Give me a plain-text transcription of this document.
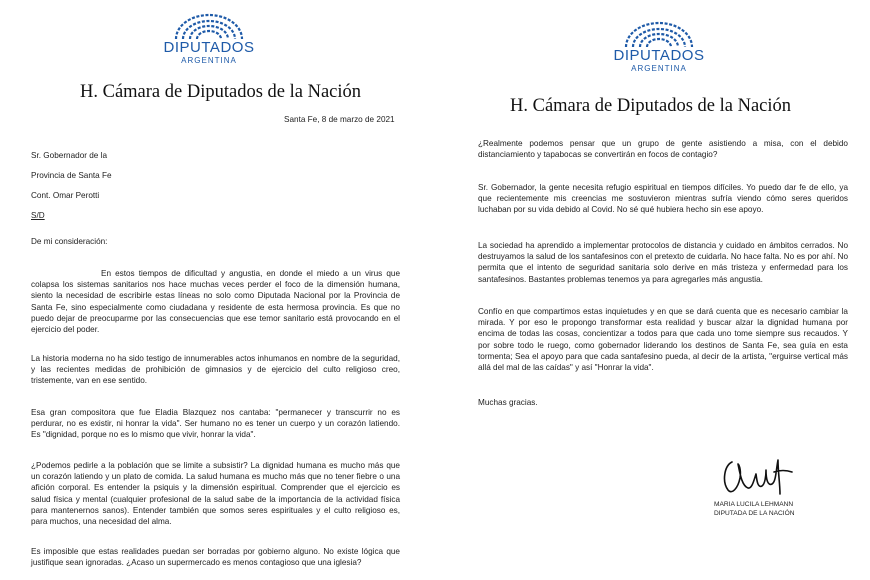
DIPUTADOS
ARGENTINA
H. Cámara de Diputados de la Nación
Santa Fe, 8 de marzo de 2021
Sr. Gobernador de la
Provincia de Santa Fe
Cont. Omar Perotti
S/D
De mi consideración:

En estos tiempos de dificultad y angustia, en donde el miedo a un virus que colapsa los sistemas sanitarios nos hace muchas veces perder el foco de la dimensión humana, siento la necesidad de escribirle estas líneas no solo como Diputada Nacional por la Provincia de Santa Fe, sino especialmente como ciudadana y residente de esta hermosa provincia. Es que no puedo dejar de preocuparme por las consecuencias que ese temor sanitario está provocando en el ejercicio del poder.

La historia moderna no ha sido testigo de innumerables actos inhumanos en nombre de la seguridad, y las recientes medidas de prohibición de gimnasios y de ejercicio del culto religioso creo, tristemente, van en ese sentido.

Esa gran compositora que fue Eladia Blazquez nos cantaba: "permanecer y transcurrir no es perdurar, no es existir, ni honrar la vida". Ser humano no es tener un cuerpo y un corazón latiendo. Es "dignidad, porque no es lo mismo que vivir, honrar la vida".

¿Podemos pedirle a la población que se limite a subsistir? La dignidad humana es mucho más que un corazón latiendo y un plato de comida. La salud humana es mucho más que no tener fiebre o una afición corporal. Es entender la psiquis y la dimensión espiritual. Comprender que el ejercicio es salud física y mental (cualquier profesional de la salud sabe de la importancia de la actividad física para mantenernos sanos). Entender también que somos seres espirituales y el culto religioso es, para muchos, una necesidad del alma.

Es imposible que estas realidades puedan ser borradas por gobierno alguno. No existe lógica que justifique sean ignoradas. ¿Acaso un supermercado es menos contagioso que una iglesia?

DIPUTADOS
ARGENTINA
H. Cámara de Diputados de la Nación

¿Realmente podemos pensar que un grupo de gente asistiendo a misa, con el debido distanciamiento y tapabocas se convertirán en focos de contagio?

Sr. Gobernador, la gente necesita refugio espiritual en tiempos difíciles. Yo puedo dar fe de ello, ya que recientemente mis creencias me sostuvieron mientras sufría viendo cómo seres queridos luchaban por su vida debido al Covid. No sé qué hubiera hecho sin ese apoyo.

La sociedad ha aprendido a implementar protocolos de distancia y cuidado en ámbitos cerrados. No destruyamos la salud de los santafesinos con el pretexto de cuidarla. No hace falta. No es por ahí. No permita que el intento de seguridad sanitaria solo derive en más tristeza y enfermedad para los santafesinos. Bastantes problemas tenemos ya para agregarles más angustia.

Confío en que compartimos estas inquietudes y en que se dará cuenta que es necesario cambiar la mirada. Y por eso le propongo transformar esta realidad y buscar alzar la dignidad humana por encima de todas las cosas, concientizar a todos para que cada uno tome siempre sus recaudos. Y por sobre todo le ruego, como gobernador liderando los destinos de Santa Fe, sea guía en esta tormenta; Sea el apoyo para que cada santafesino pueda, al decir de la artista, "erguirse vertical más allá del mal de las caídas" y así "Honrar la vida".

Muchas gracias.
MARIA LUCILA LEHMANN
DIPUTADA DE LA NACIÓN
